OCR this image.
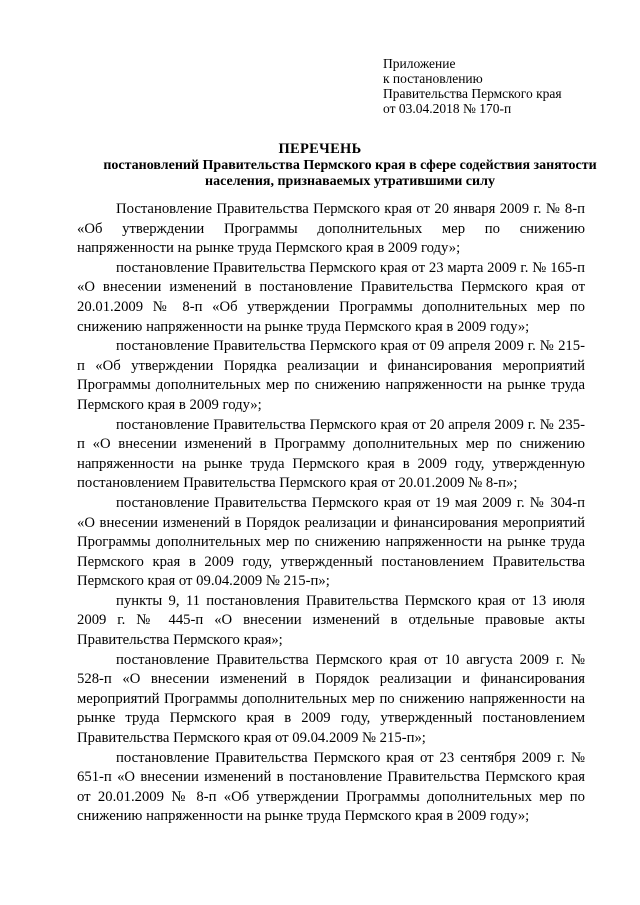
Приложение
к постановлению
Правительства Пермского края
от 03.04.2018 № 170-п
ПЕРЕЧЕНЬ
постановлений Правительства Пермского края в сфере содействия занятости населения, признаваемых утратившими силу

Постановление Правительства Пермского края от 20 января 2009 г. № 8-п «Об утверждении Программы дополнительных мер по снижению напряженности на рынке труда Пермского края в 2009 году»;

постановление Правительства Пермского края от 23 марта 2009 г. № 165-п «О внесении изменений в постановление Правительства Пермского края от 20.01.2009 № 8-п «Об утверждении Программы дополнительных мер по снижению напряженности на рынке труда Пермского края в 2009 году»;

постановление Правительства Пермского края от 09 апреля 2009 г. № 215-п «Об утверждении Порядка реализации и финансирования мероприятий Программы дополнительных мер по снижению напряженности на рынке труда Пермского края в 2009 году»;

постановление Правительства Пермского края от 20 апреля 2009 г. № 235-п «О внесении изменений в Программу дополнительных мер по снижению напряженности на рынке труда Пермского края в 2009 году, утвержденную постановлением Правительства Пермского края от 20.01.2009 № 8-п»;

постановление Правительства Пермского края от 19 мая 2009 г. № 304-п «О внесении изменений в Порядок реализации и финансирования мероприятий Программы дополнительных мер по снижению напряженности на рынке труда Пермского края в 2009 году, утвержденный постановлением Правительства Пермского края от 09.04.2009 № 215-п»;

пункты 9, 11 постановления Правительства Пермского края от 13 июля 2009 г. № 445-п «О внесении изменений в отдельные правовые акты Правительства Пермского края»;

постановление Правительства Пермского края от 10 августа 2009 г. № 528-п «О внесении изменений в Порядок реализации и финансирования мероприятий Программы дополнительных мер по снижению напряженности на рынке труда Пермского края в 2009 году, утвержденный постановлением Правительства Пермского края от 09.04.2009 № 215-п»;

постановление Правительства Пермского края от 23 сентября 2009 г. № 651-п «О внесении изменений в постановление Правительства Пермского края от 20.01.2009 № 8-п «Об утверждении Программы дополнительных мер по снижению напряженности на рынке труда Пермского края в 2009 году»;
